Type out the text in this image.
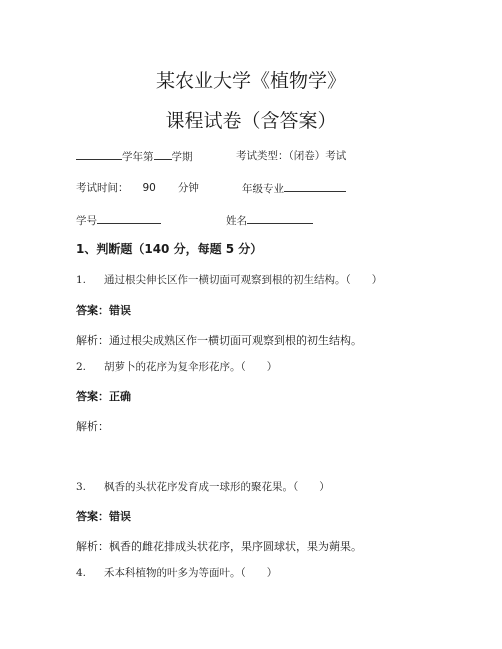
某农业大学《植物学》
课程试卷（含答案）
学年第 学期	考试类型：（闭卷）考试
考试时间： 90 分钟	年级专业
学号	姓名
1、判断题（140 分，每题 5 分）
1. 通过根尖伸长区作一横切面可观察到根的初生结构。（　　）
答案：错误
解析：通过根尖成熟区作一横切面可观察到根的初生结构。
2. 胡萝卜的花序为复伞形花序。（　　）
答案：正确
解析：
3. 枫香的头状花序发育成一球形的聚花果。（　　）
答案：错误
解析：枫香的雌花排成头状花序，果序圆球状，果为蒴果。
4. 禾本科植物的叶多为等面叶。（　　）
